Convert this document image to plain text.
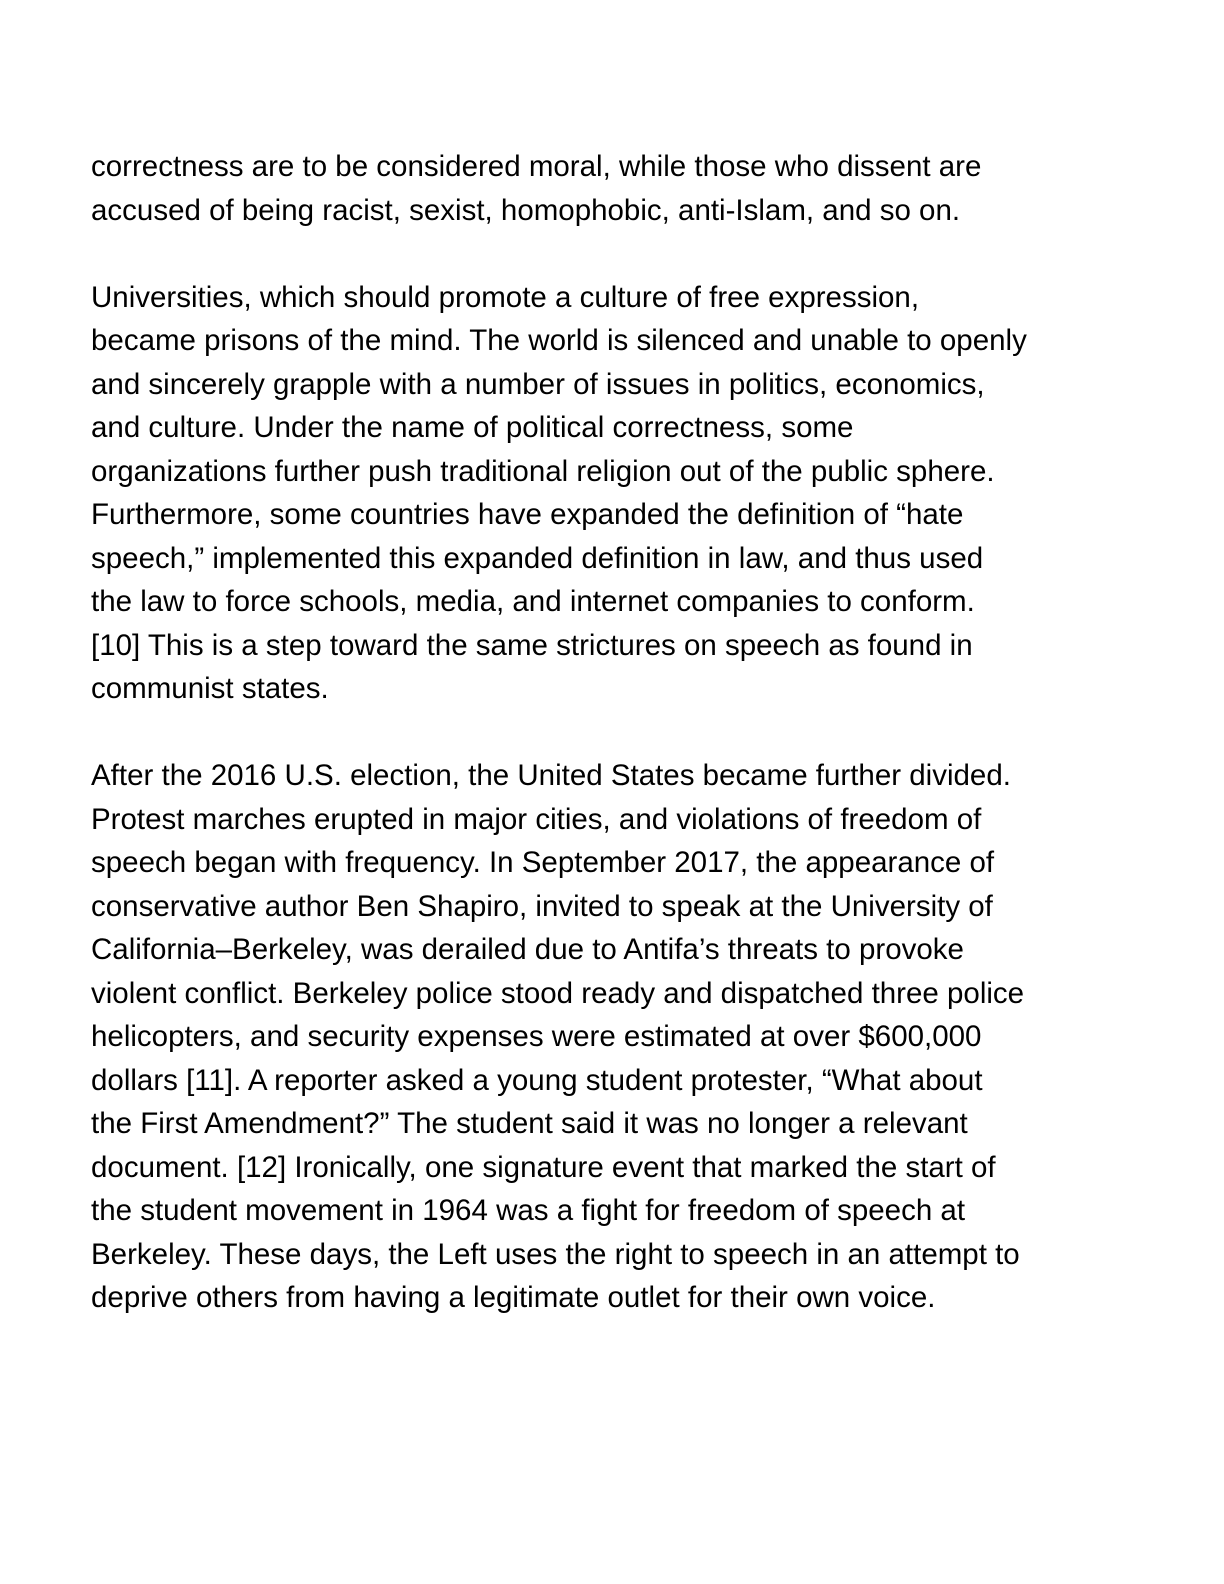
correctness are to be considered moral, while those who dissent are
accused of being racist, sexist, homophobic, anti-Islam, and so on.

Universities, which should promote a culture of free expression,
became prisons of the mind. The world is silenced and unable to openly
and sincerely grapple with a number of issues in politics, economics,
and culture. Under the name of political correctness, some
organizations further push traditional religion out of the public sphere.
Furthermore, some countries have expanded the definition of “hate
speech,” implemented this expanded definition in law, and thus used
the law to force schools, media, and internet companies to conform.
[10] This is a step toward the same strictures on speech as found in
communist states.

After the 2016 U.S. election, the United States became further divided.
Protest marches erupted in major cities, and violations of freedom of
speech began with frequency. In September 2017, the appearance of
conservative author Ben Shapiro, invited to speak at the University of
California–Berkeley, was derailed due to Antifa’s threats to provoke
violent conflict. Berkeley police stood ready and dispatched three police
helicopters, and security expenses were estimated at over $600,000
dollars [11]. A reporter asked a young student protester, “What about
the First Amendment?” The student said it was no longer a relevant
document. [12] Ironically, one signature event that marked the start of
the student movement in 1964 was a fight for freedom of speech at
Berkeley. These days, the Left uses the right to speech in an attempt to
deprive others from having a legitimate outlet for their own voice.
